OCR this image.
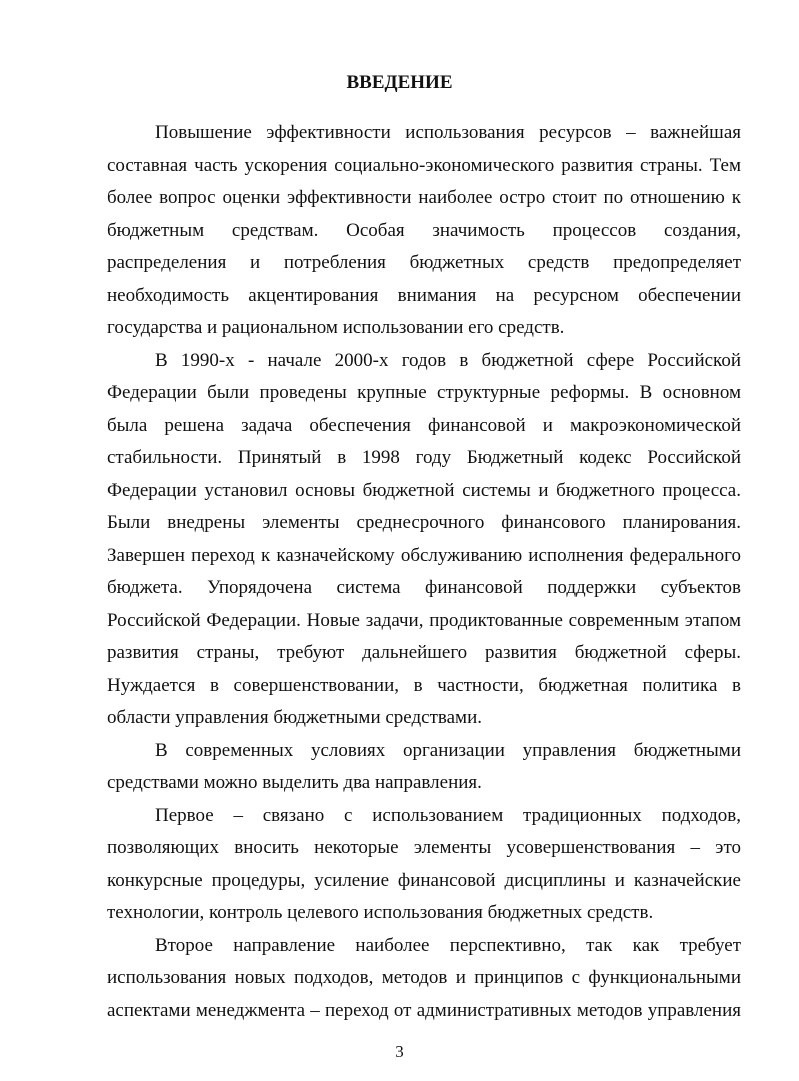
ВВЕДЕНИЕ
Повышение эффективности использования ресурсов – важнейшая
составная часть ускорения социально-экономического развития страны. Тем
более вопрос оценки эффективности наиболее остро стоит по отношению к
бюджетным средствам. Особая значимость процессов создания,
распределения и потребления бюджетных средств предопределяет
необходимость акцентирования внимания на ресурсном обеспечении
государства и рациональном использовании его средств.
В 1990-х - начале 2000-х годов в бюджетной сфере Российской
Федерации были проведены крупные структурные реформы. В основном
была решена задача обеспечения финансовой и макроэкономической
стабильности. Принятый в 1998 году Бюджетный кодекс Российской
Федерации установил основы бюджетной системы и бюджетного процесса.
Были внедрены элементы среднесрочного финансового планирования.
Завершен переход к казначейскому обслуживанию исполнения федерального
бюджета. Упорядочена система финансовой поддержки субъектов
Российской Федерации. Новые задачи, продиктованные современным этапом
развития страны, требуют дальнейшего развития бюджетной сферы.
Нуждается в совершенствовании, в частности, бюджетная политика в
области управления бюджетными средствами.
В современных условиях организации управления бюджетными
средствами можно выделить два направления.
Первое – связано с использованием традиционных подходов,
позволяющих вносить некоторые элементы усовершенствования – это
конкурсные процедуры, усиление финансовой дисциплины и казначейские
технологии, контроль целевого использования бюджетных средств.
Второе направление наиболее перспективно, так как требует
использования новых подходов, методов и принципов с функциональными
аспектами менеджмента – переход от административных методов управления
3
